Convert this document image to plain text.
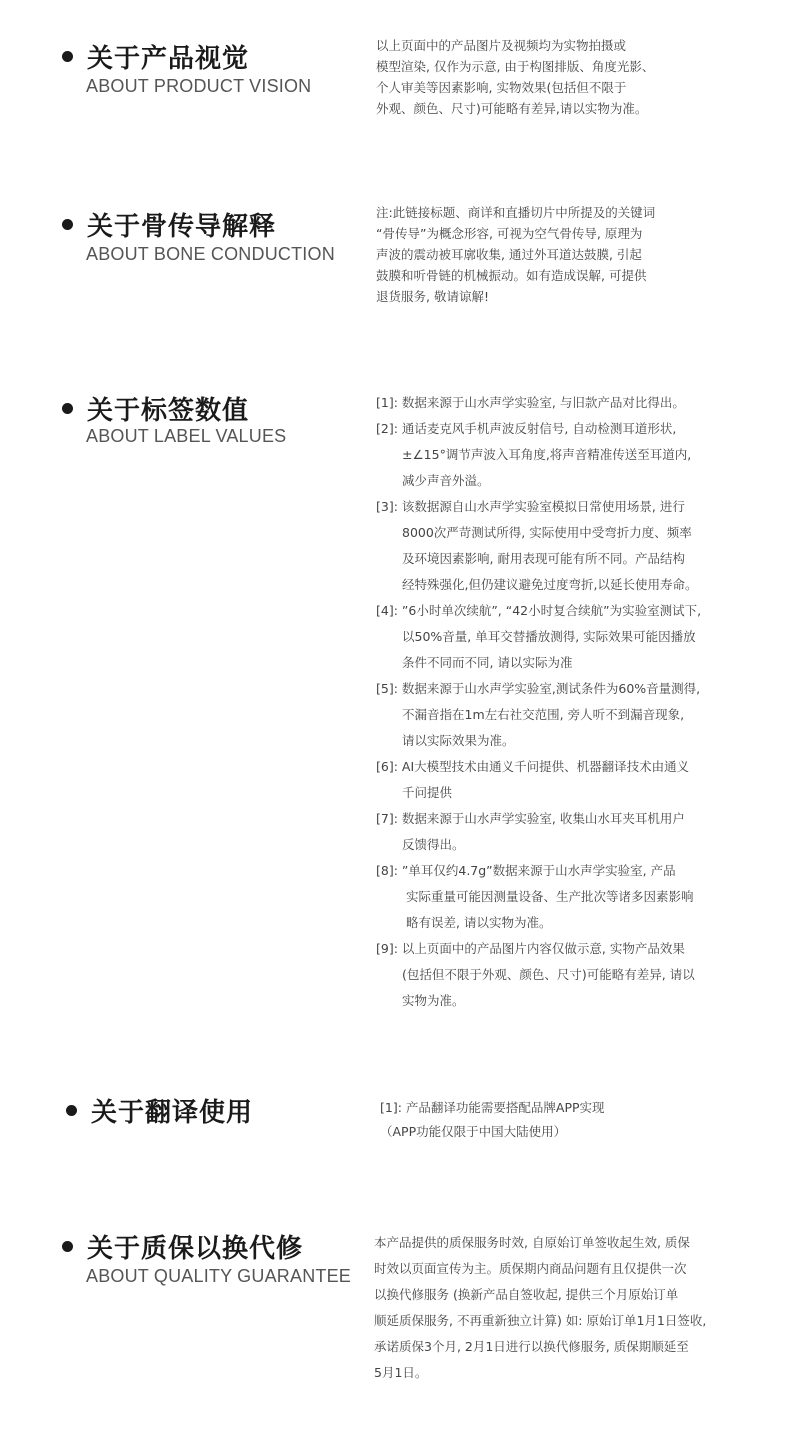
关于产品视觉
ABOUT PRODUCT VISION
以上页面中的产品图片及视频均为实物拍摄或
模型渲染, 仅作为示意, 由于构图排版、角度光影、
个人审美等因素影响, 实物效果(包括但不限于
外观、颜色、尺寸)可能略有差异,请以实物为准。
关于骨传导解释
ABOUT BONE CONDUCTION
注:此链接标题、商详和直播切片中所提及的关键词
“骨传导”为概念形容, 可视为空气骨传导, 原理为
声波的震动被耳廓收集, 通过外耳道达鼓膜, 引起
鼓膜和听骨链的机械振动。如有造成误解, 可提供
退货服务, 敬请谅解!
关于标签数值
ABOUT LABEL VALUES
[1]: 数据来源于山水声学实验室, 与旧款产品对比得出。
[2]: 通话麦克风手机声波反射信号, 自动检测耳道形状,
±∠15°调节声波入耳角度,将声音精准传送至耳道内,
减少声音外溢。
[3]: 该数据源自山水声学实验室模拟日常使用场景, 进行
8000次严苛测试所得, 实际使用中受弯折力度、频率
及环境因素影响, 耐用表现可能有所不同。产品结构
经特殊强化,但仍建议避免过度弯折,以延长使用寿命。
[4]: ”6小时单次续航”, “42小时复合续航”为实验室测试下,
以50%音量, 单耳交替播放测得, 实际效果可能因播放
条件不同而不同, 请以实际为准
[5]: 数据来源于山水声学实验室,测试条件为60%音量测得,
不漏音指在1m左右社交范围, 旁人听不到漏音现象,
请以实际效果为准。
[6]: AI大模型技术由通义千问提供、机器翻译技术由通义
千问提供
[7]: 数据来源于山水声学实验室, 收集山水耳夹耳机用户
反馈得出。
[8]: ”单耳仅约4.7g”数据来源于山水声学实验室, 产品
实际重量可能因测量设备、生产批次等诸多因素影响
略有误差, 请以实物为准。
[9]: 以上页面中的产品图片内容仅做示意, 实物产品效果
(包括但不限于外观、颜色、尺寸)可能略有差异, 请以
实物为准。
关于翻译使用	[1]: 产品翻译功能需要搭配品牌APP实现
（APP功能仅限于中国大陆使用）
关于质保以换代修
ABOUT QUALITY GUARANTEE
本产品提供的质保服务时效, 自原始订单签收起生效, 质保
时效以页面宣传为主。质保期内商品问题有且仅提供一次
以换代修服务 (换新产品自签收起, 提供三个月原始订单
顺延质保服务, 不再重新独立计算) 如: 原始订单1月1日签收,
承诺质保3个月, 2月1日进行以换代修服务, 质保期顺延至
5月1日。
